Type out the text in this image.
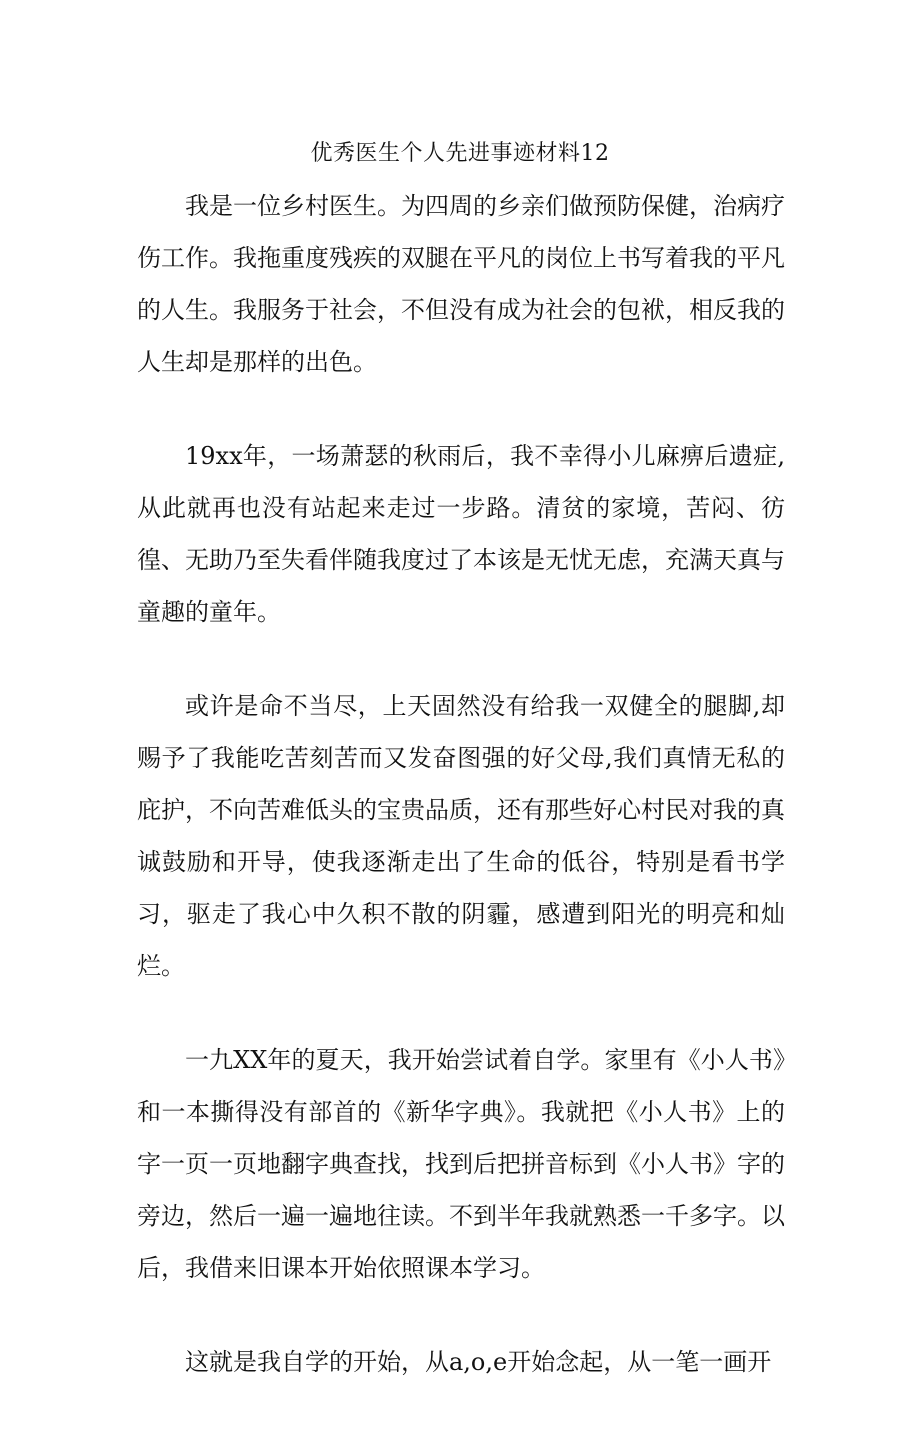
优秀医生个人先进事迹材料12

我是一位乡村医生。为四周的乡亲们做预防保健，治病疗伤工作。我拖重度残疾的双腿在平凡的岗位上书写着我的平凡的人生。我服务于社会，不但没有成为社会的包袱，相反我的人生却是那样的出色。

19xx年，一场萧瑟的秋雨后，我不幸得小儿麻痹后遗症,从此就再也没有站起来走过一步路。清贫的家境，苦闷、彷徨、无助乃至失看伴随我度过了本该是无忧无虑，充满天真与童趣的童年。

或许是命不当尽，上天固然没有给我一双健全的腿脚,却赐予了我能吃苦刻苦而又发奋图强的好父母,我们真情无私的庇护，不向苦难低头的宝贵品质，还有那些好心村民对我的真诚鼓励和开导，使我逐渐走出了生命的低谷，特别是看书学习，驱走了我心中久积不散的阴霾，感遭到阳光的明亮和灿烂。

一九XX年的夏天，我开始尝试着自学。家里有《小人书》和一本撕得没有部首的《新华字典》。我就把《小人书》上的字一页一页地翻字典查找，找到后把拼音标到《小人书》字的旁边，然后一遍一遍地往读。不到半年我就熟悉一千多字。以后，我借来旧课本开始依照课本学习。

这就是我自学的开始，从a,o,e开始念起，从一笔一画开
